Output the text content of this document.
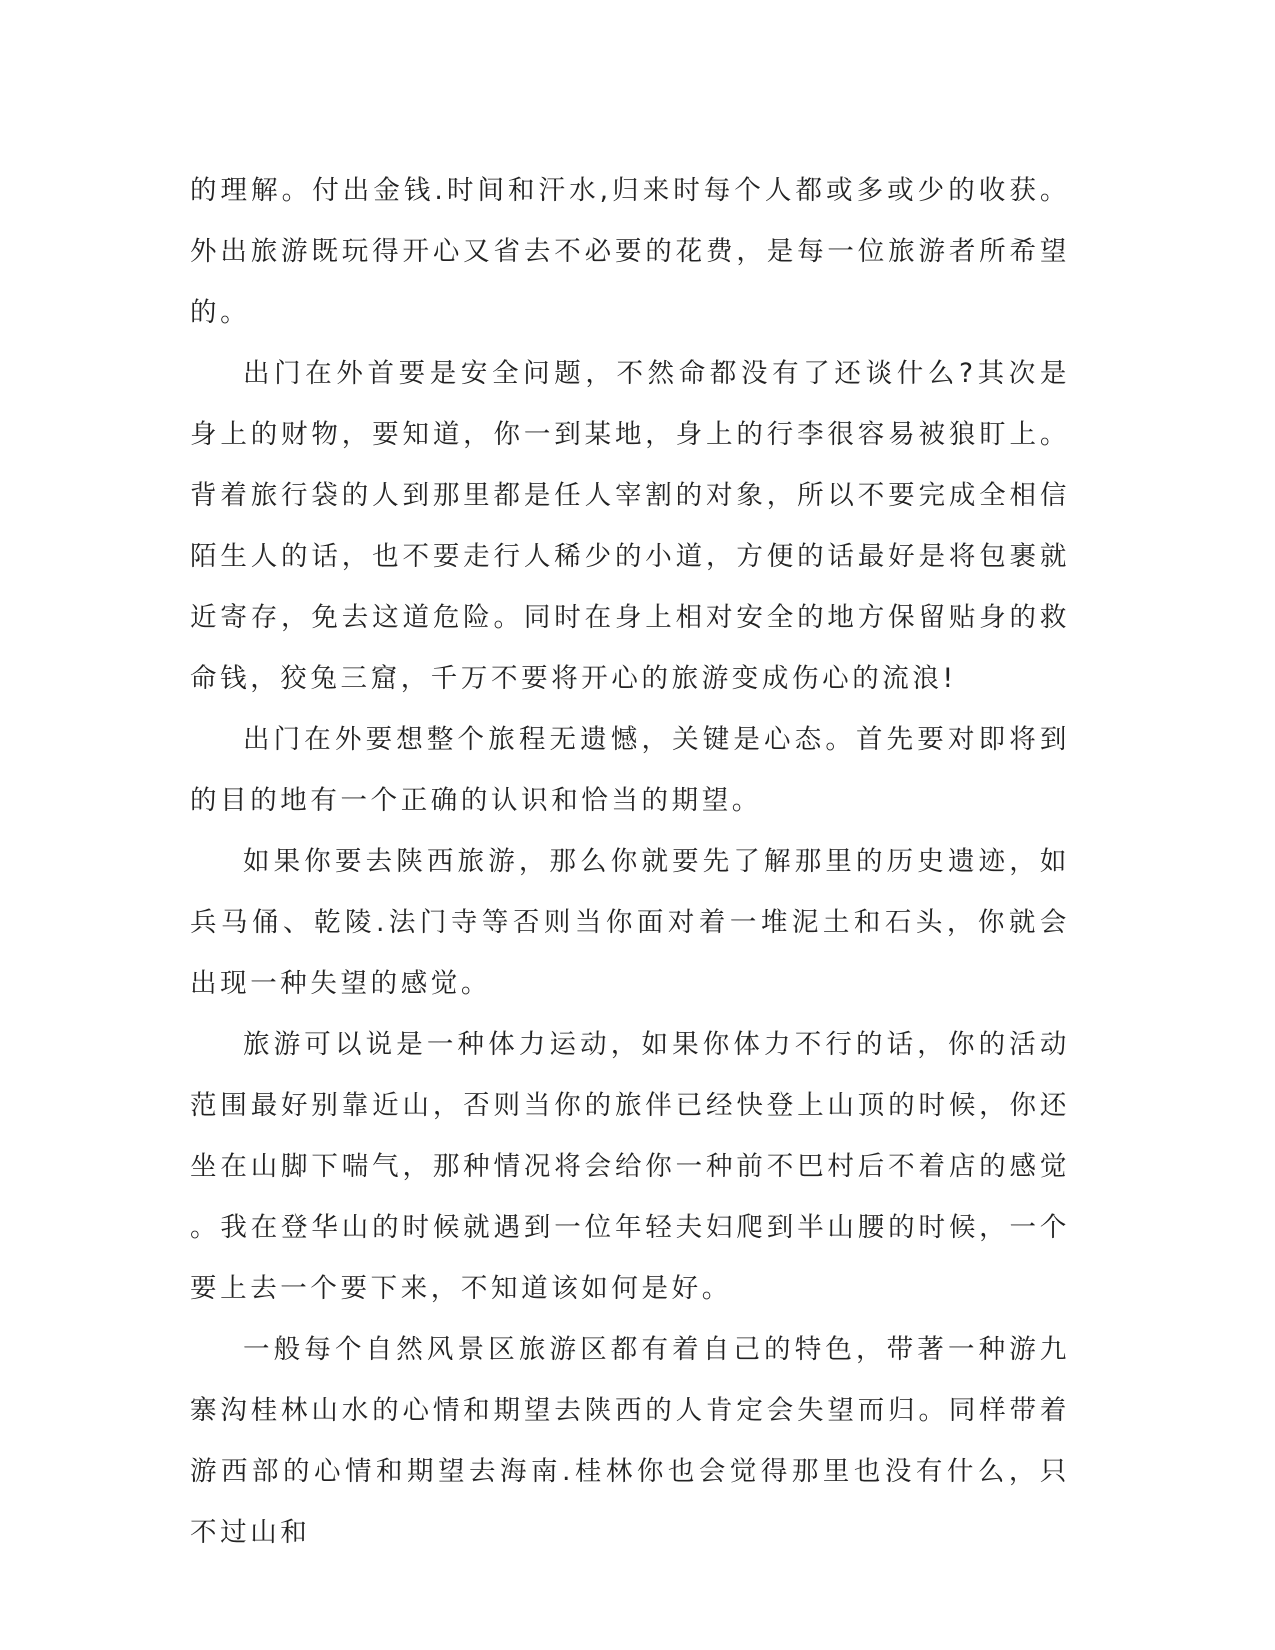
的理解。付出金钱.时间和汗水,归来时每个人都或多或少的收获。外出旅游既玩得开心又省去不必要的花费，是每一位旅游者所希望的。

出门在外首要是安全问题，不然命都没有了还谈什么?其次是身上的财物，要知道，你一到某地，身上的行李很容易被狼盯上。背着旅行袋的人到那里都是任人宰割的对象，所以不要完成全相信陌生人的话，也不要走行人稀少的小道，方便的话最好是将包裹就近寄存，免去这道危险。同时在身上相对安全的地方保留贴身的救命钱，狡兔三窟，千万不要将开心的旅游变成伤心的流浪!

出门在外要想整个旅程无遗憾，关键是心态。首先要对即将到的目的地有一个正确的认识和恰当的期望。

如果你要去陕西旅游，那么你就要先了解那里的历史遗迹，如兵马俑、乾陵.法门寺等否则当你面对着一堆泥土和石头，你就会出现一种失望的感觉。

旅游可以说是一种体力运动，如果你体力不行的话，你的活动范围最好别靠近山，否则当你的旅伴已经快登上山顶的时候，你还坐在山脚下喘气，那种情况将会给你一种前不巴村后不着店的感觉。我在登华山的时候就遇到一位年轻夫妇爬到半山腰的时候，一个要上去一个要下来，不知道该如何是好。

一般每个自然风景区旅游区都有着自己的特色，带著一种游九寨沟桂林山水的心情和期望去陕西的人肯定会失望而归。同样带着游西部的心情和期望去海南.桂林你也会觉得那里也没有什么，只不过山和
